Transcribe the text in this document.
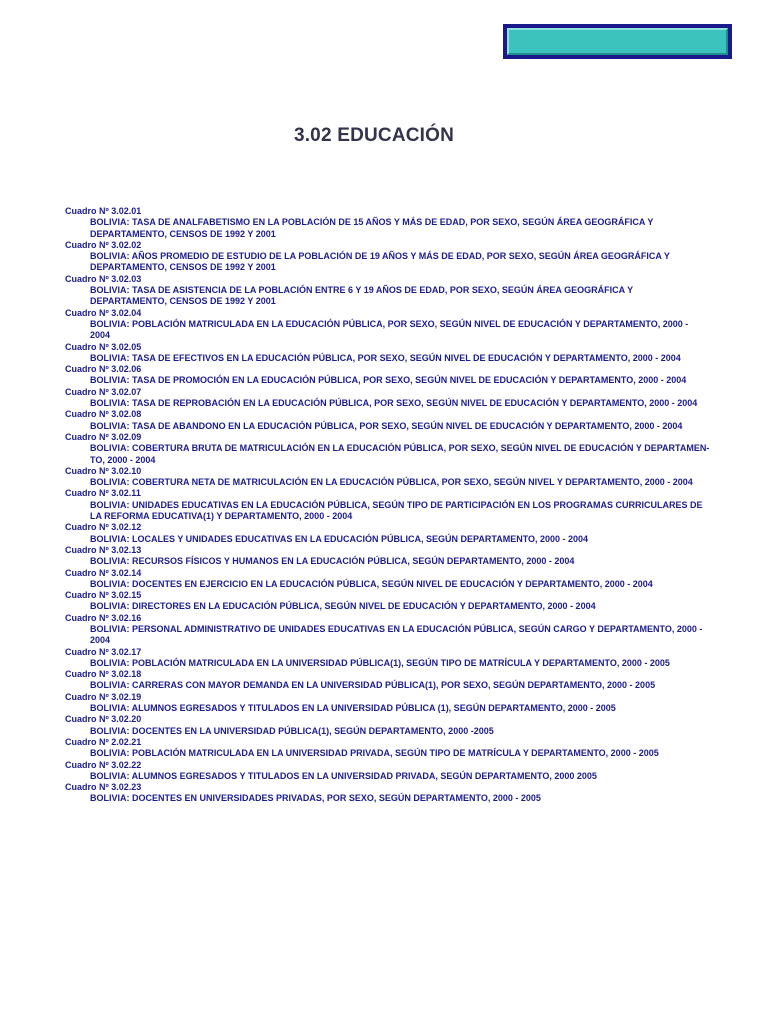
3.02 EDUCACIÓN
Cuadro Nº 3.02.01
BOLIVIA: TASA DE ANALFABETISMO EN LA POBLACIÓN DE 15 AÑOS Y MÁS DE EDAD, POR SEXO, SEGÚN ÁREA GEOGRÁFICA Y DEPARTAMENTO, CENSOS DE 1992 Y 2001
Cuadro Nº 3.02.02
BOLIVIA: AÑOS PROMEDIO DE ESTUDIO DE LA POBLACIÓN DE 19 AÑOS Y MÁS DE EDAD, POR SEXO, SEGÚN ÁREA GEOGRÁFICA Y DEPARTAMENTO, CENSOS DE 1992 Y 2001
Cuadro Nº 3.02.03
BOLIVIA: TASA DE ASISTENCIA DE LA POBLACIÓN ENTRE 6 Y 19 AÑOS DE EDAD, POR SEXO, SEGÚN ÁREA GEOGRÁFICA Y DEPARTAMENTO, CENSOS DE 1992 Y 2001
Cuadro Nº 3.02.04
BOLIVIA: POBLACIÓN MATRICULADA EN LA EDUCACIÓN PÚBLICA, POR SEXO, SEGÚN NIVEL DE EDUCACIÓN Y DEPARTAMENTO, 2000 - 2004
Cuadro Nº 3.02.05
BOLIVIA: TASA DE EFECTIVOS EN LA EDUCACIÓN PÚBLICA, POR SEXO, SEGÚN NIVEL DE EDUCACIÓN Y DEPARTAMENTO, 2000 - 2004
Cuadro Nº 3.02.06
BOLIVIA: TASA DE PROMOCIÓN EN LA EDUCACIÓN PÚBLICA, POR SEXO, SEGÚN NIVEL DE EDUCACIÓN Y DEPARTAMENTO, 2000 - 2004
Cuadro Nº 3.02.07
BOLIVIA: TASA DE REPROBACIÓN EN LA EDUCACIÓN PÚBLICA, POR SEXO, SEGÚN NIVEL DE EDUCACIÓN Y DEPARTAMENTO, 2000 - 2004
Cuadro Nº 3.02.08
BOLIVIA: TASA DE ABANDONO EN LA EDUCACIÓN PÚBLICA, POR SEXO, SEGÚN NIVEL DE EDUCACIÓN Y DEPARTAMENTO, 2000 - 2004
Cuadro Nº 3.02.09
BOLIVIA: COBERTURA BRUTA DE MATRICULACIÓN EN LA EDUCACIÓN PÚBLICA, POR SEXO, SEGÚN NIVEL DE EDUCACIÓN Y DEPARTAMEN-TO, 2000 - 2004
Cuadro Nº 3.02.10
BOLIVIA: COBERTURA NETA DE MATRICULACIÓN EN LA EDUCACIÓN PÚBLICA, POR SEXO, SEGÚN NIVEL Y DEPARTAMENTO, 2000 - 2004
Cuadro Nº 3.02.11
BOLIVIA: UNIDADES EDUCATIVAS EN LA EDUCACIÓN PÚBLICA, SEGÚN TIPO DE PARTICIPACIÓN EN LOS PROGRAMAS CURRICULARES DE LA REFORMA EDUCATIVA(1) Y DEPARTAMENTO, 2000 - 2004
Cuadro Nº 3.02.12
BOLIVIA: LOCALES Y UNIDADES EDUCATIVAS EN LA EDUCACIÓN PÚBLICA, SEGÚN DEPARTAMENTO, 2000 - 2004
Cuadro Nº 3.02.13
BOLIVIA: RECURSOS FÍSICOS Y HUMANOS EN LA EDUCACIÓN PÚBLICA, SEGÚN DEPARTAMENTO, 2000 - 2004
Cuadro Nº 3.02.14
BOLIVIA: DOCENTES EN EJERCICIO EN LA EDUCACIÓN PÚBLICA, SEGÚN NIVEL DE EDUCACIÓN Y DEPARTAMENTO, 2000 - 2004
Cuadro Nº 3.02.15
BOLIVIA: DIRECTORES EN LA EDUCACIÓN PÚBLICA, SEGÚN NIVEL DE EDUCACIÓN Y DEPARTAMENTO, 2000 - 2004
Cuadro Nº 3.02.16
BOLIVIA: PERSONAL ADMINISTRATIVO DE UNIDADES EDUCATIVAS EN LA EDUCACIÓN PÚBLICA, SEGÚN CARGO Y DEPARTAMENTO, 2000 - 2004
Cuadro Nº 3.02.17
BOLIVIA: POBLACIÓN MATRICULADA EN LA UNIVERSIDAD PÚBLICA(1), SEGÚN TIPO DE MATRÍCULA Y DEPARTAMENTO, 2000 - 2005
Cuadro Nº 3.02.18
BOLIVIA: CARRERAS CON MAYOR DEMANDA EN LA UNIVERSIDAD PÚBLICA(1), POR SEXO, SEGÚN DEPARTAMENTO, 2000 - 2005
Cuadro Nº 3.02.19
BOLIVIA: ALUMNOS EGRESADOS Y TITULADOS EN LA UNIVERSIDAD PÚBLICA (1), SEGÚN DEPARTAMENTO, 2000 - 2005
Cuadro Nº 3.02.20
BOLIVIA: DOCENTES EN LA UNIVERSIDAD PÚBLICA(1), SEGÚN DEPARTAMENTO, 2000 -2005
Cuadro Nº 2.02.21
BOLIVIA: POBLACIÓN MATRICULADA EN LA UNIVERSIDAD PRIVADA, SEGÚN TIPO DE MATRÍCULA Y DEPARTAMENTO, 2000 - 2005
Cuadro Nº 3.02.22
BOLIVIA: ALUMNOS EGRESADOS Y TITULADOS EN LA UNIVERSIDAD PRIVADA, SEGÚN DEPARTAMENTO, 2000 2005
Cuadro Nº 3.02.23
BOLIVIA: DOCENTES EN UNIVERSIDADES PRIVADAS, POR SEXO, SEGÚN DEPARTAMENTO, 2000 - 2005
